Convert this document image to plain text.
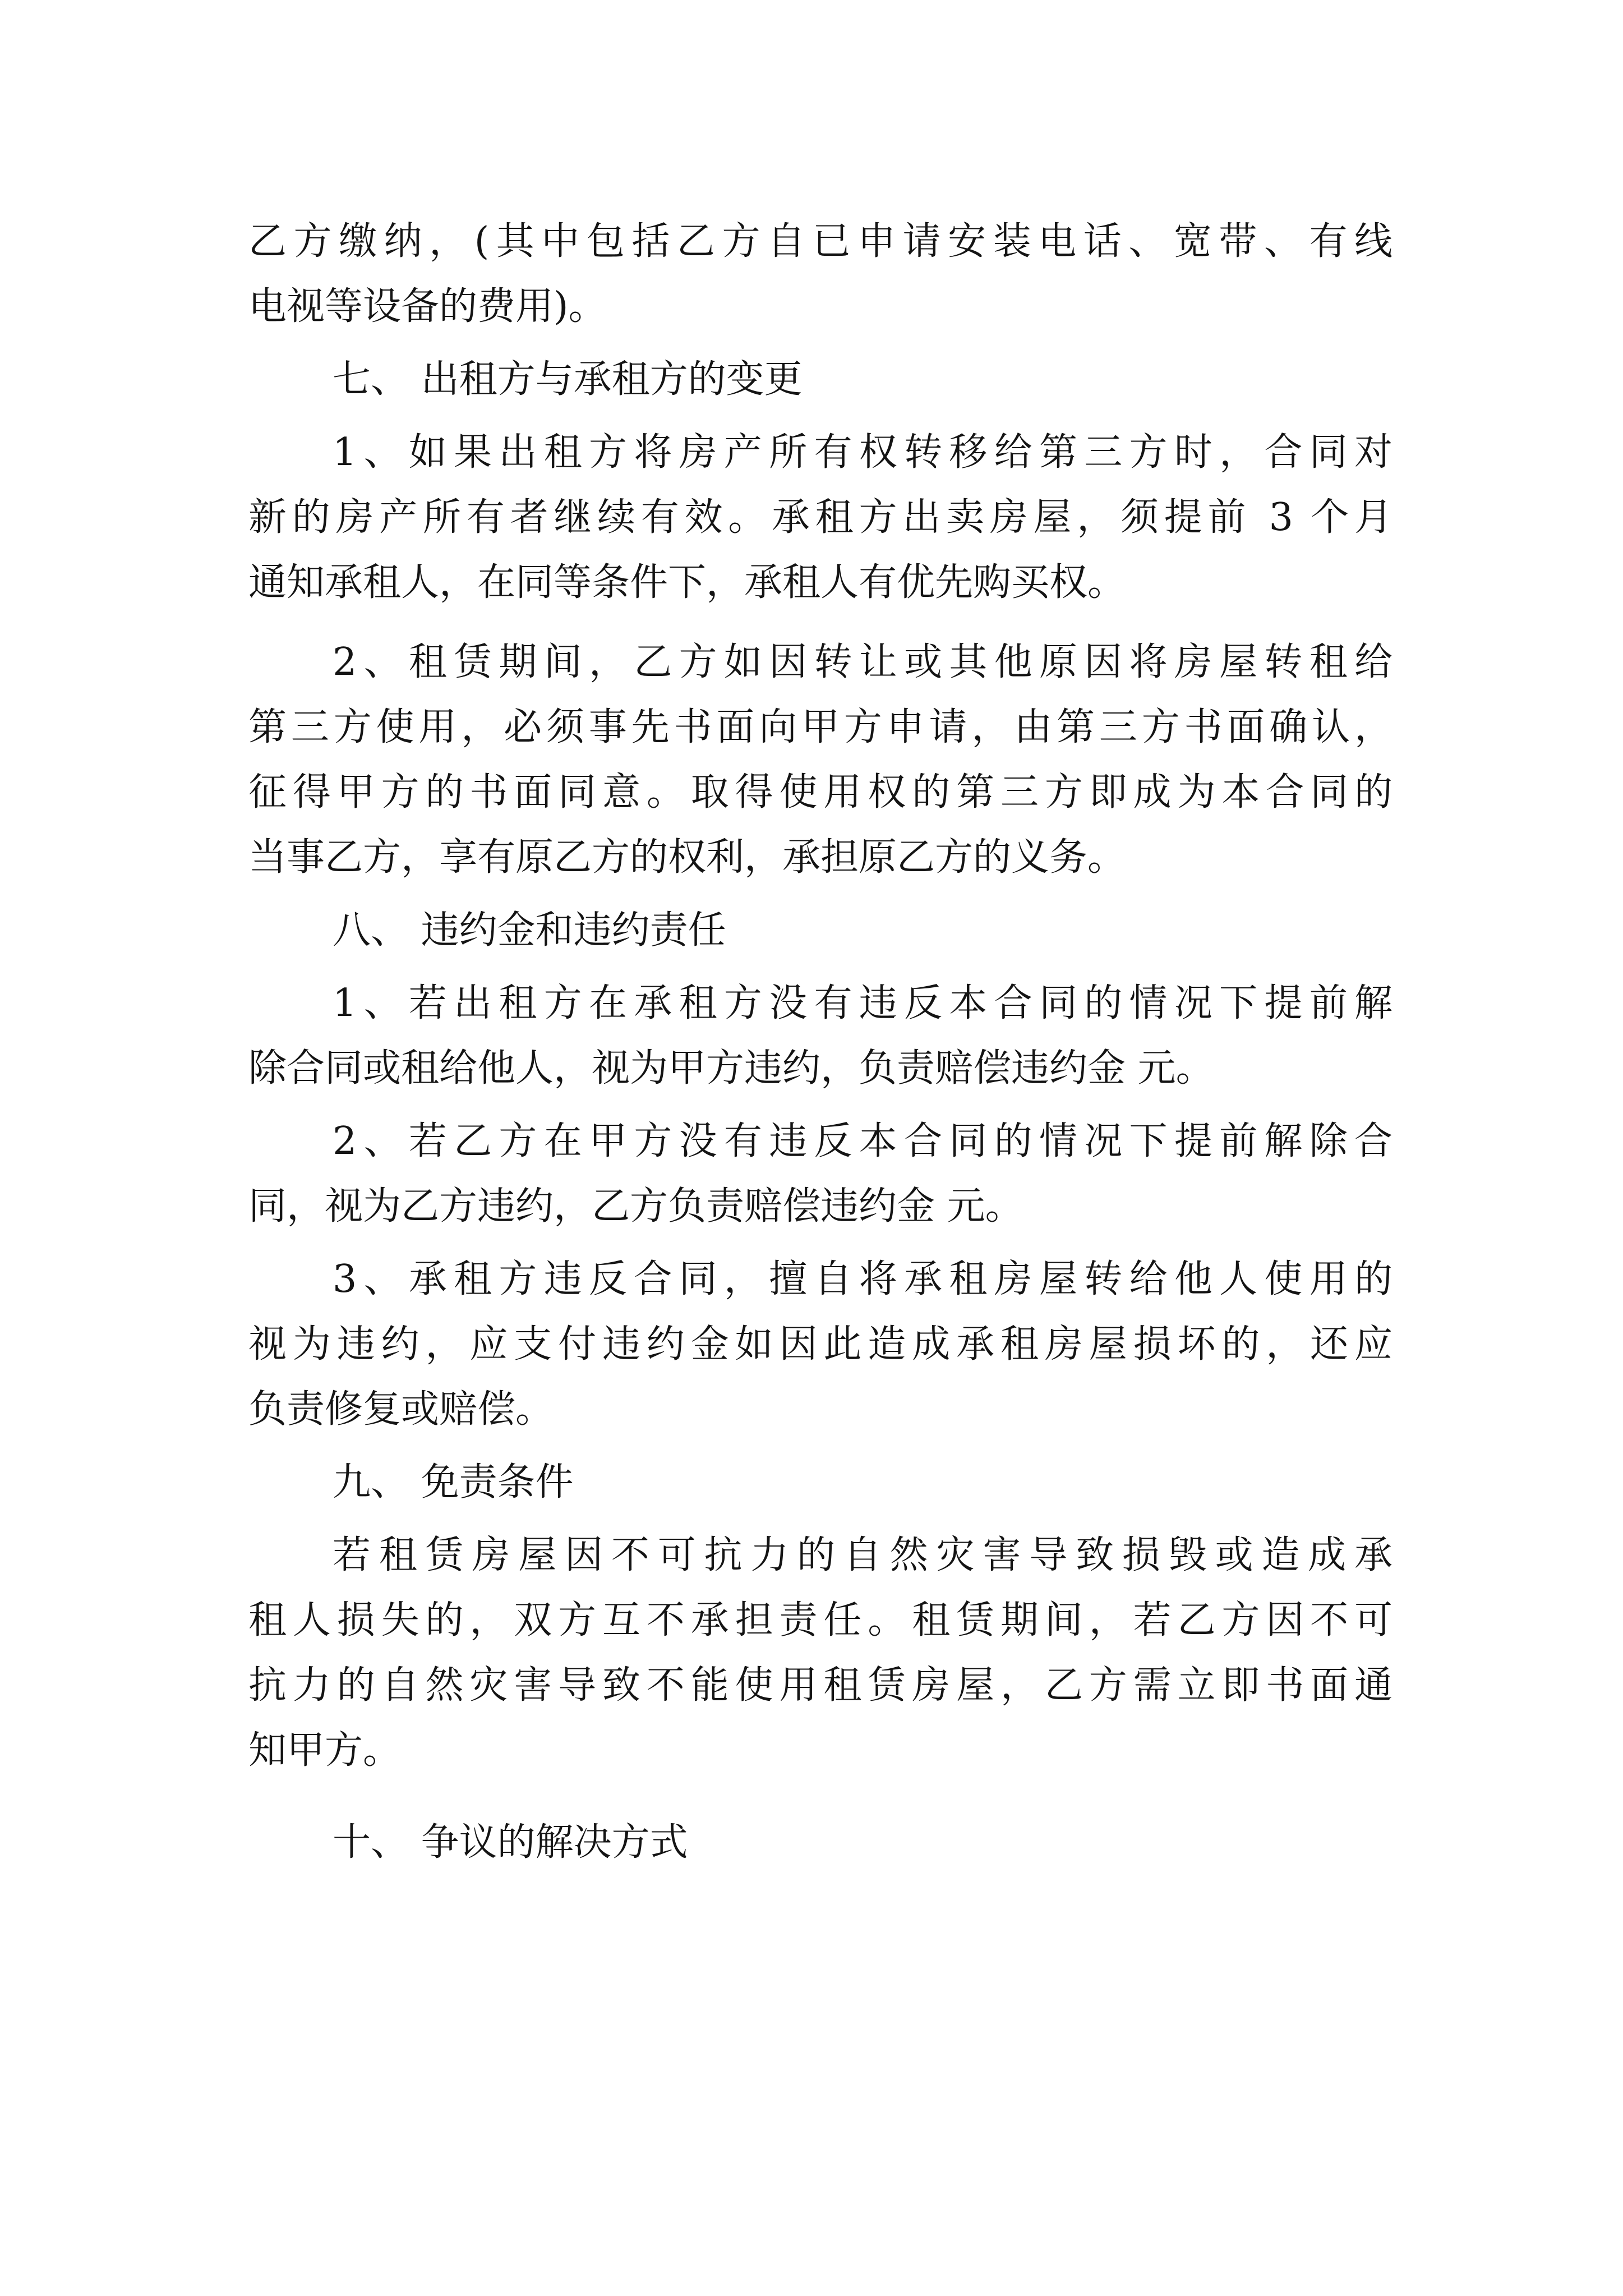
乙方缴纳，(其中包括乙方自已申请安装电话、宽带、有线
电视等设备的费用)。
七、 出租方与承租方的变更
1、如果出租方将房产所有权转移给第三方时，合同对
新的房产所有者继续有效。承租方出卖房屋，须提前 3 个月
通知承租人，在同等条件下，承租人有优先购买权。
2、租赁期间，乙方如因转让或其他原因将房屋转租给
第三方使用，必须事先书面向甲方申请，由第三方书面确认，
征得甲方的书面同意。取得使用权的第三方即成为本合同的
当事乙方，享有原乙方的权利，承担原乙方的义务。
八、 违约金和违约责任
1、若出租方在承租方没有违反本合同的情况下提前解
除合同或租给他人，视为甲方违约，负责赔偿违约金 元。
2、若乙方在甲方没有违反本合同的情况下提前解除合
同，视为乙方违约，乙方负责赔偿违约金 元。
3、承租方违反合同，擅自将承租房屋转给他人使用的
视为违约，应支付违约金如因此造成承租房屋损坏的，还应
负责修复或赔偿。
九、 免责条件
若租赁房屋因不可抗力的自然灾害导致损毁或造成承
租人损失的，双方互不承担责任。租赁期间，若乙方因不可
抗力的自然灾害导致不能使用租赁房屋，乙方需立即书面通
知甲方。
十、 争议的解决方式
